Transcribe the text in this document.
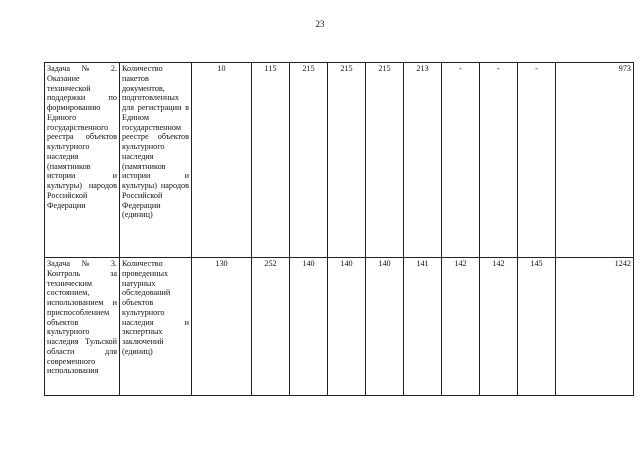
23
Задача № 2. Оказание технической поддержки по формированию Единого государственного реестра объектов культурного наследия (памятников истории и культуры) народов Российской Федерации	Количество пакетов документов, подготовленных для регистрации в Едином государственном реестре объектов культурного наследия (памятников истории и культуры) народов Российской Федерации (единиц)	10	115	215	215	215	213	-	-	-	973
Задача № 3. Контроль за техническим состоянием, использованием и приспособлением объектов культурного наследия Тульской области для современного использования	Количество проведенных натурных обследований объектов культурного наследия и экспертных заключений (единиц)	130	252	140	140	140	141	142	142	145	1242
